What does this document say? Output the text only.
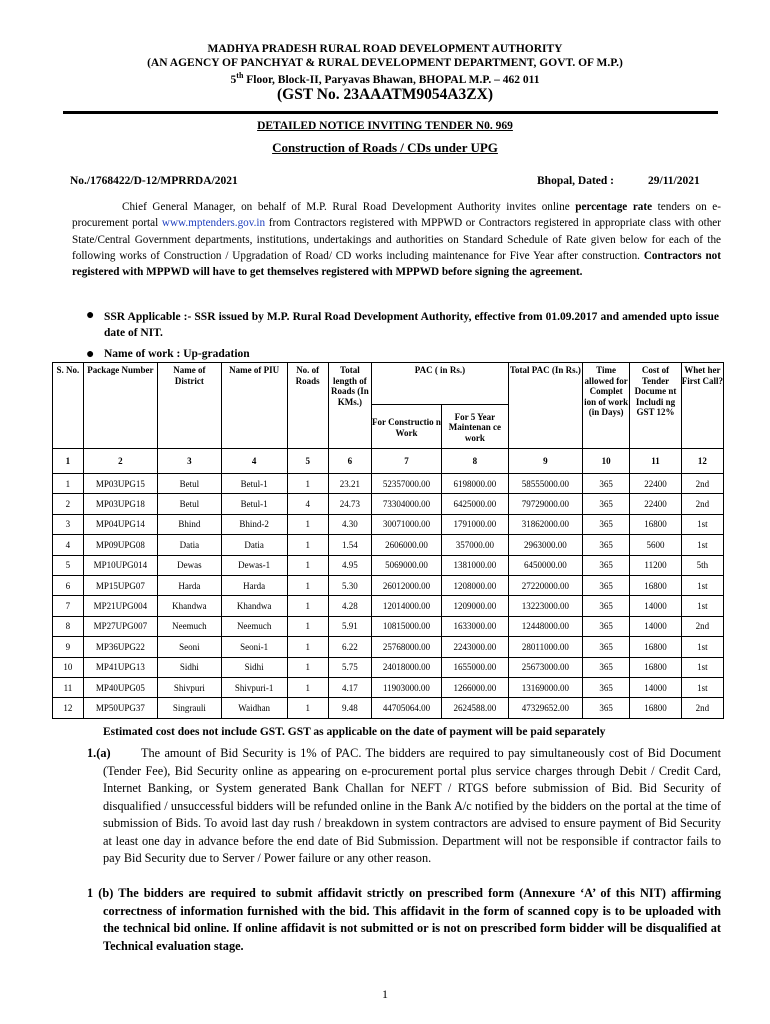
MADHYA PRADESH RURAL ROAD DEVELOPMENT AUTHORITY
(AN AGENCY OF PANCHYAT & RURAL DEVELOPMENT DEPARTMENT, GOVT. OF M.P.)
5th Floor, Block-II, Paryavas Bhawan, BHOPAL M.P. – 462 011
(GST No. 23AAATM9054A3ZX)
DETAILED NOTICE INVITING TENDER N0. 969
Construction of Roads / CDs under UPG
No./1768422/D-12/MPRRDA/2021	Bhopal, Dated :	29/11/2021
Chief General Manager, on behalf of M.P. Rural Road Development Authority invites online percentage rate tenders on e-procurement portal www.mptenders.gov.in from Contractors registered with MPPWD or Contractors registered in appropriate class with other State/Central Government departments, institutions, undertakings and authorities on Standard Schedule of Rate given below for each of the following works of Construction / Upgradation of Road/ CD works including maintenance for Five Year after construction. Contractors not registered with MPPWD will have to get themselves registered with MPPWD before signing the agreement.
● SSR Applicable :- SSR issued by M.P. Rural Road Development Authority, effective from 01.09.2017 and amended upto issue date of NIT.
● Name of work : Up-gradation
S. No.	Package Number	Name of District	Name of PIU	No. of Roads	Total length of Roads (In KMs.)	PAC ( in Rs.)		Total PAC (In Rs.)	Time allowed for Complet ion of work (in Days)	Cost of Tender Docume nt Includi ng GST 12%	Whet her First Call?
						For Constructio n Work	For 5 Year Maintenan ce work				
1	2	3	4	5	6	7	8	9	10	11	12
1	MP03UPG15	Betul	Betul-1	1	23.21	52357000.00	6198000.00	58555000.00	365	22400	2nd
2	MP03UPG18	Betul	Betul-1	4	24.73	73304000.00	6425000.00	79729000.00	365	22400	2nd
3	MP04UPG14	Bhind	Bhind-2	1	4.30	30071000.00	1791000.00	31862000.00	365	16800	1st
4	MP09UPG08	Datia	Datia	1	1.54	2606000.00	357000.00	2963000.00	365	5600	1st
5	MP10UPG014	Dewas	Dewas-1	1	4.95	5069000.00	1381000.00	6450000.00	365	11200	5th
6	MP15UPG07	Harda	Harda	1	5.30	26012000.00	1208000.00	27220000.00	365	16800	1st
7	MP21UPG004	Khandwa	Khandwa	1	4.28	12014000.00	1209000.00	13223000.00	365	14000	1st
8	MP27UPG007	Neemuch	Neemuch	1	5.91	10815000.00	1633000.00	12448000.00	365	14000	2nd
9	MP36UPG22	Seoni	Seoni-1	1	6.22	25768000.00	2243000.00	28011000.00	365	16800	1st
10	MP41UPG13	Sidhi	Sidhi	1	5.75	24018000.00	1655000.00	25673000.00	365	16800	1st
11	MP40UPG05	Shivpuri	Shivpuri-1	1	4.17	11903000.00	1266000.00	13169000.00	365	14000	1st
12	MP50UPG37	Singrauli	Waidhan	1	9.48	44705064.00	2624588.00	47329652.00	365	16800	2nd
Estimated cost does not include GST. GST as applicable on the date of payment will be paid separately
1.(a)	The amount of Bid Security is 1% of PAC. The bidders are required to pay simultaneously cost of Bid Document (Tender Fee), Bid Security online as appearing on e-procurement portal plus service charges through Debit / Credit Card, Internet Banking, or System generated Bank Challan for NEFT / RTGS before submission of Bid. Bid Security of disqualified / unsuccessful bidders will be refunded online in the Bank A/c notified by the bidders on the portal at the time of submission of Bids. To avoid last day rush / breakdown in system contractors are advised to ensure payment of Bid Security at least one day in advance before the end date of Bid Submission. Department will not be responsible if contractor fails to pay Bid Security due to Server / Power failure or any other reason.
1 (b) The bidders are required to submit affidavit strictly on prescribed form (Annexure ‘A’ of this NIT) affirming correctness of information furnished with the bid. This affidavit in the form of scanned copy is to be uploaded with the technical bid online. If online affidavit is not submitted or is not on prescribed form bidder will be disqualified at Technical evaluation stage.
1
